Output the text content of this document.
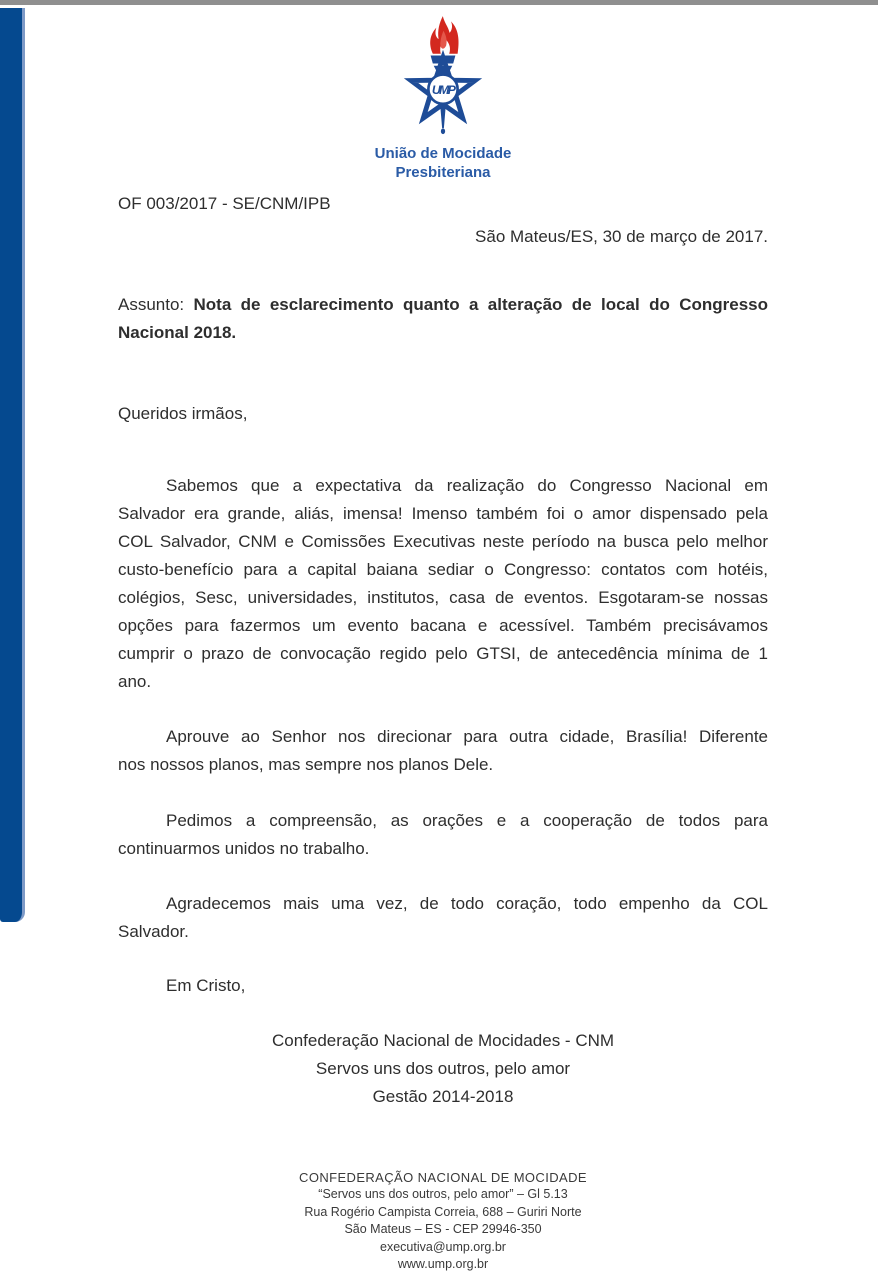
UMP
União de Mocidade
Presbiteriana
OF 003/2017 - SE/CNM/IPB
São Mateus/ES, 30 de março de 2017.
Assunto: Nota de esclarecimento quanto a alteração de local do Congresso
Nacional 2018.
Queridos irmãos,
Sabemos que a expectativa da realização do Congresso Nacional em
Salvador era grande, aliás, imensa! Imenso também foi o amor dispensado pela
COL Salvador, CNM e Comissões Executivas neste período na busca pelo melhor
custo-benefício para a capital baiana sediar o Congresso: contatos com hotéis,
colégios, Sesc, universidades, institutos, casa de eventos. Esgotaram-se nossas
opções para fazermos um evento bacana e acessível. Também precisávamos
cumprir o prazo de convocação regido pelo GTSI, de antecedência mínima de 1
ano.
Aprouve ao Senhor nos direcionar para outra cidade, Brasília! Diferente
nos nossos planos, mas sempre nos planos Dele.
Pedimos a compreensão, as orações e a cooperação de todos para
continuarmos unidos no trabalho.
Agradecemos mais uma vez, de todo coração, todo empenho da COL
Salvador.
Em Cristo,
Confederação Nacional de Mocidades - CNM
Servos uns dos outros, pelo amor
Gestão 2014-2018
CONFEDERAÇÃO NACIONAL DE MOCIDADE
“Servos uns dos outros, pelo amor” – Gl 5.13
Rua Rogério Campista Correia, 688 – Guriri Norte
São Mateus – ES - CEP 29946-350
executiva@ump.org.br
www.ump.org.br
